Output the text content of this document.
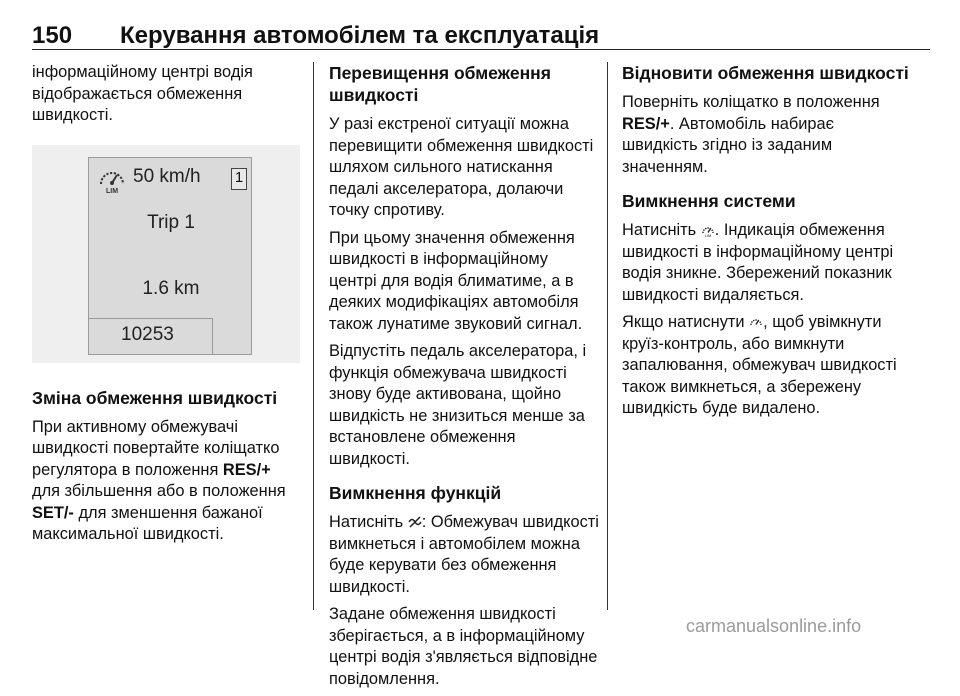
150 Керування автомобілем та експлуатація

інформаційному центрі водія відображається обмеження швидкості.

LIM
50 km/h 1
Trip 1
1.6 km
10253
Зміна обмеження швидкості

При активному обмежувачі швидкості повертайте коліщатко регулятора в положення RES/+ для збільшення або в положення SET/- для зменшення бажаної максимальної швидкості.

Перевищення обмеження швидкості

У разі екстреної ситуації можна перевищити обмеження швидкості шляхом сильного натискання педалі акселератора, долаючи точку спротиву.

При цьому значення обмеження швидкості в інформаційному центрі для водія блиматиме, а в деяких модифікаціях автомобіля також лунатиме звуковий сигнал.

Відпустіть педаль акселератора, і функція обмежувача швидкості знову буде активована, щойно швидкість не знизиться менше за встановлене обмеження швидкості.

Вимкнення функцій

Натисніть : Обмежувач швидкості вимкнеться і автомобілем можна буде керувати без обмеження швидкості.

Задане обмеження швидкості зберігається, а в інформаційному центрі водія з'являється відповідне повідомлення.

Відновити обмеження швидкості

Поверніть коліщатко в положення RES/+. Автомобіль набирає швидкість згідно із заданим значенням.

Вимкнення системи

Натисніть LIM . Індикація обмеження швидкості в інформаційному центрі водія зникне. Збережений показник швидкості видаляється.

Якщо натиснути , щоб увімкнути круїз-контроль, або вимкнути запалювання, обмежувач швидкості також вимкнеться, а збережену швидкість буде видалено.

carmanualsonline.info
